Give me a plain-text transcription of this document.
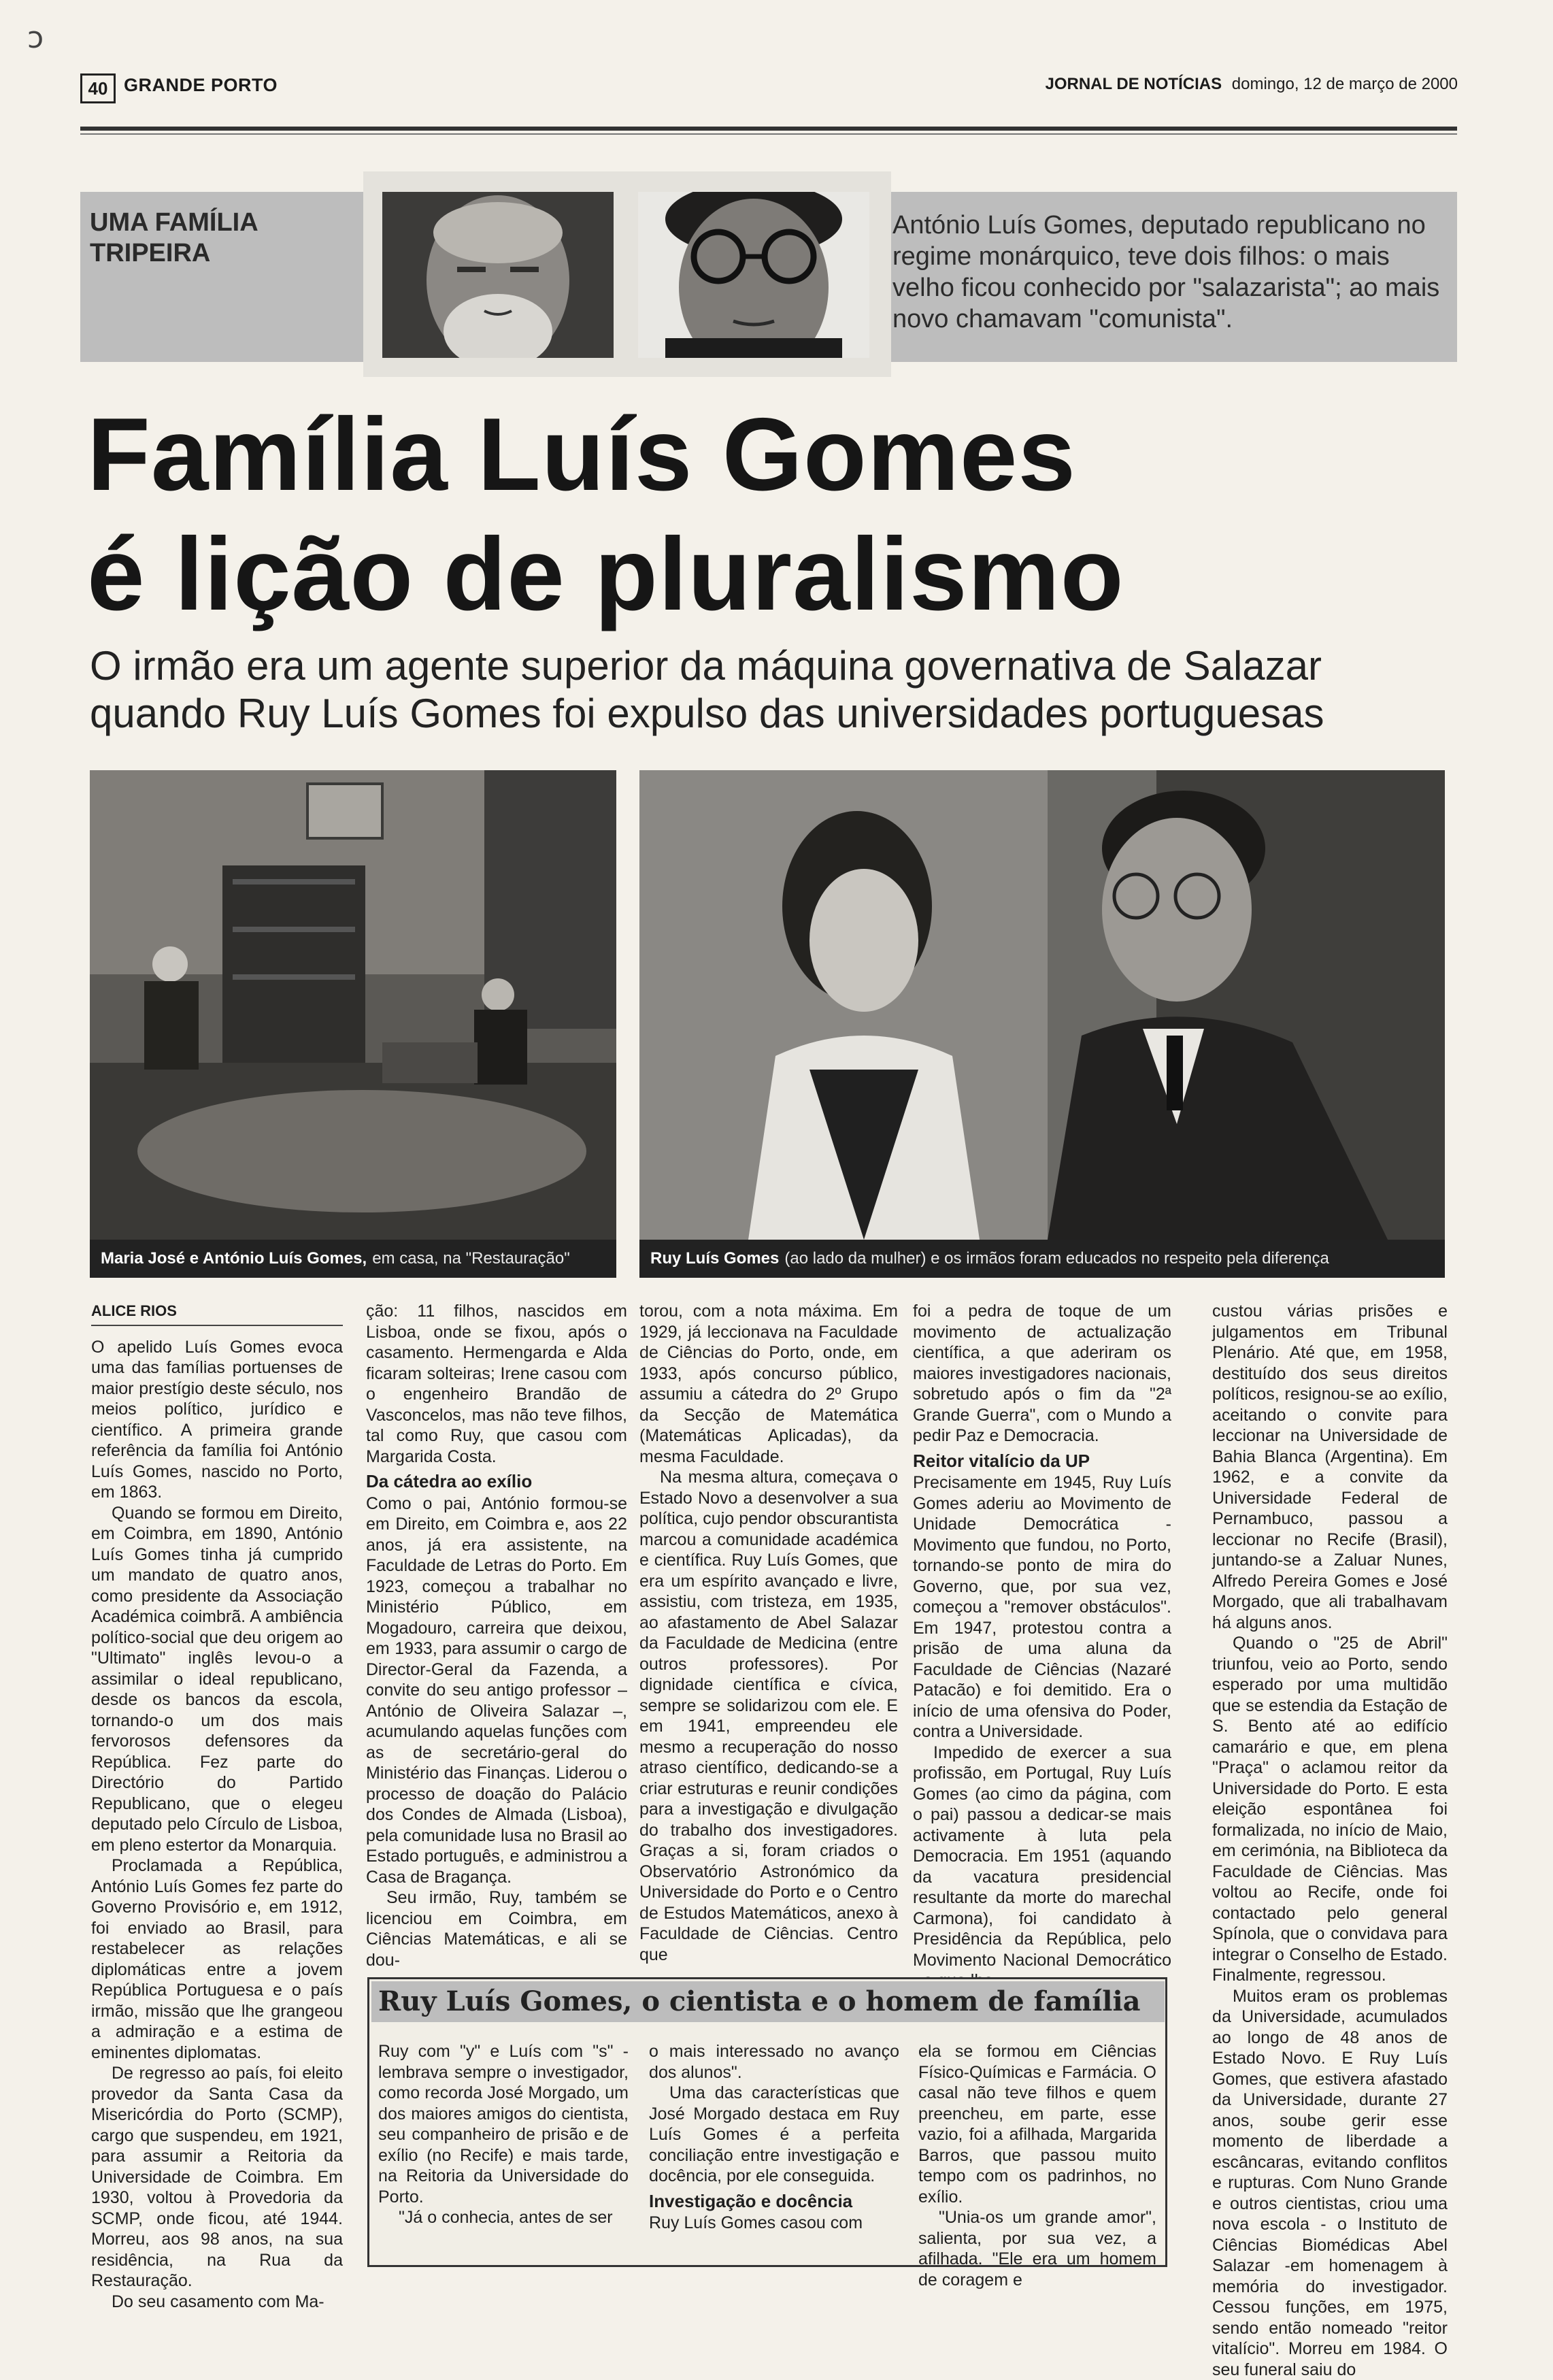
ɔ
40 GRANDE PORTO	JORNAL DE NOTÍCIAS domingo, 12 de março de 2000
UMA FAMÍLIA TRIPEIRA
António Luís Gomes, deputado republicano no regime monárquico, teve dois filhos: o mais velho ficou conhecido por "salazarista"; ao mais novo chamavam "comunista".
Família Luís Gomes
é lição de pluralismo
O irmão era um agente superior da máquina governativa de Salazar quando Ruy Luís Gomes foi expulso das universidades portuguesas
Maria José e António Luís Gomes, em casa, na "Restauração"	Ruy Luís Gomes (ao lado da mulher) e os irmãos foram educados no respeito pela diferença
ALICE RIOS

O apelido Luís Gomes evoca uma das famílias portuenses de maior prestígio deste século, nos meios político, jurídico e científico. A primeira grande referência da família foi António Luís Gomes, nascido no Porto, em 1863.

Quando se formou em Direito, em Coimbra, em 1890, António Luís Gomes tinha já cumprido um mandato de quatro anos, como presidente da Associação Académica coimbrã. A ambiência político-social que deu origem ao "Ultimato" inglês levou-o a assimilar o ideal republicano, desde os bancos da escola, tornando-o um dos mais fervorosos defensores da República. Fez parte do Directório do Partido Republicano, que o elegeu deputado pelo Círculo de Lisboa, em pleno estertor da Monarquia.

Proclamada a República, António Luís Gomes fez parte do Governo Provisório e, em 1912, foi enviado ao Brasil, para restabelecer as relações diplomáticas entre a jovem República Portuguesa e o país irmão, missão que lhe grangeou a admiração e a estima de eminentes diplomatas.

De regresso ao país, foi eleito provedor da Santa Casa da Misericórdia do Porto (SCMP), cargo que suspendeu, em 1921, para assumir a Reitoria da Universidade de Coimbra. Em 1930, voltou à Provedoria da SCMP, onde ficou, até 1944. Morreu, aos 98 anos, na sua residência, na Rua da Restauração.

Do seu casamento com Ma-

ção: 11 filhos, nascidos em Lisboa, onde se fixou, após o casamento. Hermengarda e Alda ficaram solteiras; Irene casou com o engenheiro Brandão de Vasconcelos, mas não teve filhos, tal como Ruy, que casou com Margarida Costa.

Da cátedra ao exílio

Como o pai, António formou-se em Direito, em Coimbra e, aos 22 anos, já era assistente, na Faculdade de Letras do Porto. Em 1923, começou a trabalhar no Ministério Público, em Mogadouro, carreira que deixou, em 1933, para assumir o cargo de Director-Geral da Fazenda, a convite do seu antigo professor – António de Oliveira Salazar –, acumulando aquelas funções com as de secretário-geral do Ministério das Finanças. Liderou o processo de doação do Palácio dos Condes de Almada (Lisboa), pela comunidade lusa no Brasil ao Estado português, e administrou a Casa de Bragança.

Seu irmão, Ruy, também se licenciou em Coimbra, em Ciências Matemáticas, e ali se dou-

torou, com a nota máxima. Em 1929, já leccionava na Faculdade de Ciências do Porto, onde, em 1933, após concurso público, assumiu a cátedra do 2º Grupo da Secção de Matemática (Matemáticas Aplicadas), da mesma Faculdade.

Na mesma altura, começava o Estado Novo a desenvolver a sua política, cujo pendor obscurantista marcou a comunidade académica e científica. Ruy Luís Gomes, que era um espírito avançado e livre, assistiu, com tristeza, em 1935, ao afastamento de Abel Salazar da Faculdade de Medicina (entre outros professores). Por dignidade científica e cívica, sempre se solidarizou com ele. E em 1941, empreendeu ele mesmo a recuperação do nosso atraso científico, dedicando-se a criar estruturas e reunir condições para a investigação e divulgação do trabalho dos investigadores. Graças a si, foram criados o Observatório Astronómico da Universidade do Porto e o Centro de Estudos Matemáticos, anexo à Faculdade de Ciências. Centro que

foi a pedra de toque de um movimento de actualização científica, a que aderiram os maiores investigadores nacionais, sobretudo após o fim da "2ª Grande Guerra", com o Mundo a pedir Paz e Democracia.

Reitor vitalício da UP

Precisamente em 1945, Ruy Luís Gomes aderiu ao Movimento de Unidade Democrática - Movimento que fundou, no Porto, tornando-se ponto de mira do Governo, que, por sua vez, começou a "remover obstáculos". Em 1947, protestou contra a prisão de uma aluna da Faculdade de Ciências (Nazaré Patacão) e foi demitido. Era o início de uma ofensiva do Poder, contra a Universidade.

Impedido de exercer a sua profissão, em Portugal, Ruy Luís Gomes (ao cimo da página, com o pai) passou a dedicar-se mais activamente à luta pela Democracia. Em 1951 (aquando da vacatura presidencial resultante da morte do marechal Carmona), foi candidato à Presidência da República, pelo Movimento Nacional Democrático

custou várias prisões e julgamentos em Tribunal Plenário. Até que, em 1958, destituído dos seus direitos políticos, resignou-se ao exílio, aceitando o convite para leccionar na Universidade de Bahia Blanca (Argentina). Em 1962, e a convite da Universidade Federal de Pernambuco, passou a leccionar no Recife (Brasil), juntando-se a Zaluar Nunes, Alfredo Pereira Gomes e José Morgado, que ali trabalhavam há alguns anos.

Quando o "25 de Abril" triunfou, veio ao Porto, sendo esperado por uma multidão que se estendia da Estação de S. Bento até ao edifício camarário e que, em plena "Praça" o aclamou reitor da Universidade do Porto. E esta eleição espontânea foi formalizada, no início de Maio, em cerimónia, na Biblioteca da Faculdade de Ciências. Mas voltou ao Recife, onde foi contactado pelo general Spínola, que o convidava para integrar o Conselho de Estado. Finalmente, regressou.

Muitos eram os problemas da Universidade, acumulados ao longo de 48 anos de Estado Novo. E Ruy Luís Gomes, que estivera afastado da Universidade, durante 27 anos, soube gerir esse momento de liberdade a escâncaras, evitando conflitos e rupturas. Com Nuno Grande e outros cientistas, criou uma nova escola - o Instituto de Ciências Biomédicas Abel Salazar -em homenagem à memória do investigador. Cessou funções, em 1975, sendo então nomeado "reitor vitalício". Morreu em 1984. O seu funeral saiu do

Ruy Luís Gomes, o cientista e o homem de família

Ruy com "y" e Luís com "s" - lembrava sempre o investigador, como recorda José Morgado, um dos maiores amigos do cientista, seu companheiro de prisão e de exílio (no Recife) e mais tarde, na Reitoria da Universidade do Porto.

"Já o conhecia, antes de ser

o mais interessado no avanço dos alunos".

Uma das características que José Morgado destaca em Ruy Luís Gomes é a perfeita conciliação entre investigação e docência, por ele conseguida.

Investigação e docência

Ruy Luís Gomes casou com

ela se formou em Ciências Físico-Químicas e Farmácia. O casal não teve filhos e quem preencheu, em parte, esse vazio, foi a afilhada, Margarida Barros, que passou muito tempo com os padrinhos, no exílio.

"Unia-os um grande amor", salienta, por sua vez, a afilhada. "Ele era um homem de coragem e
